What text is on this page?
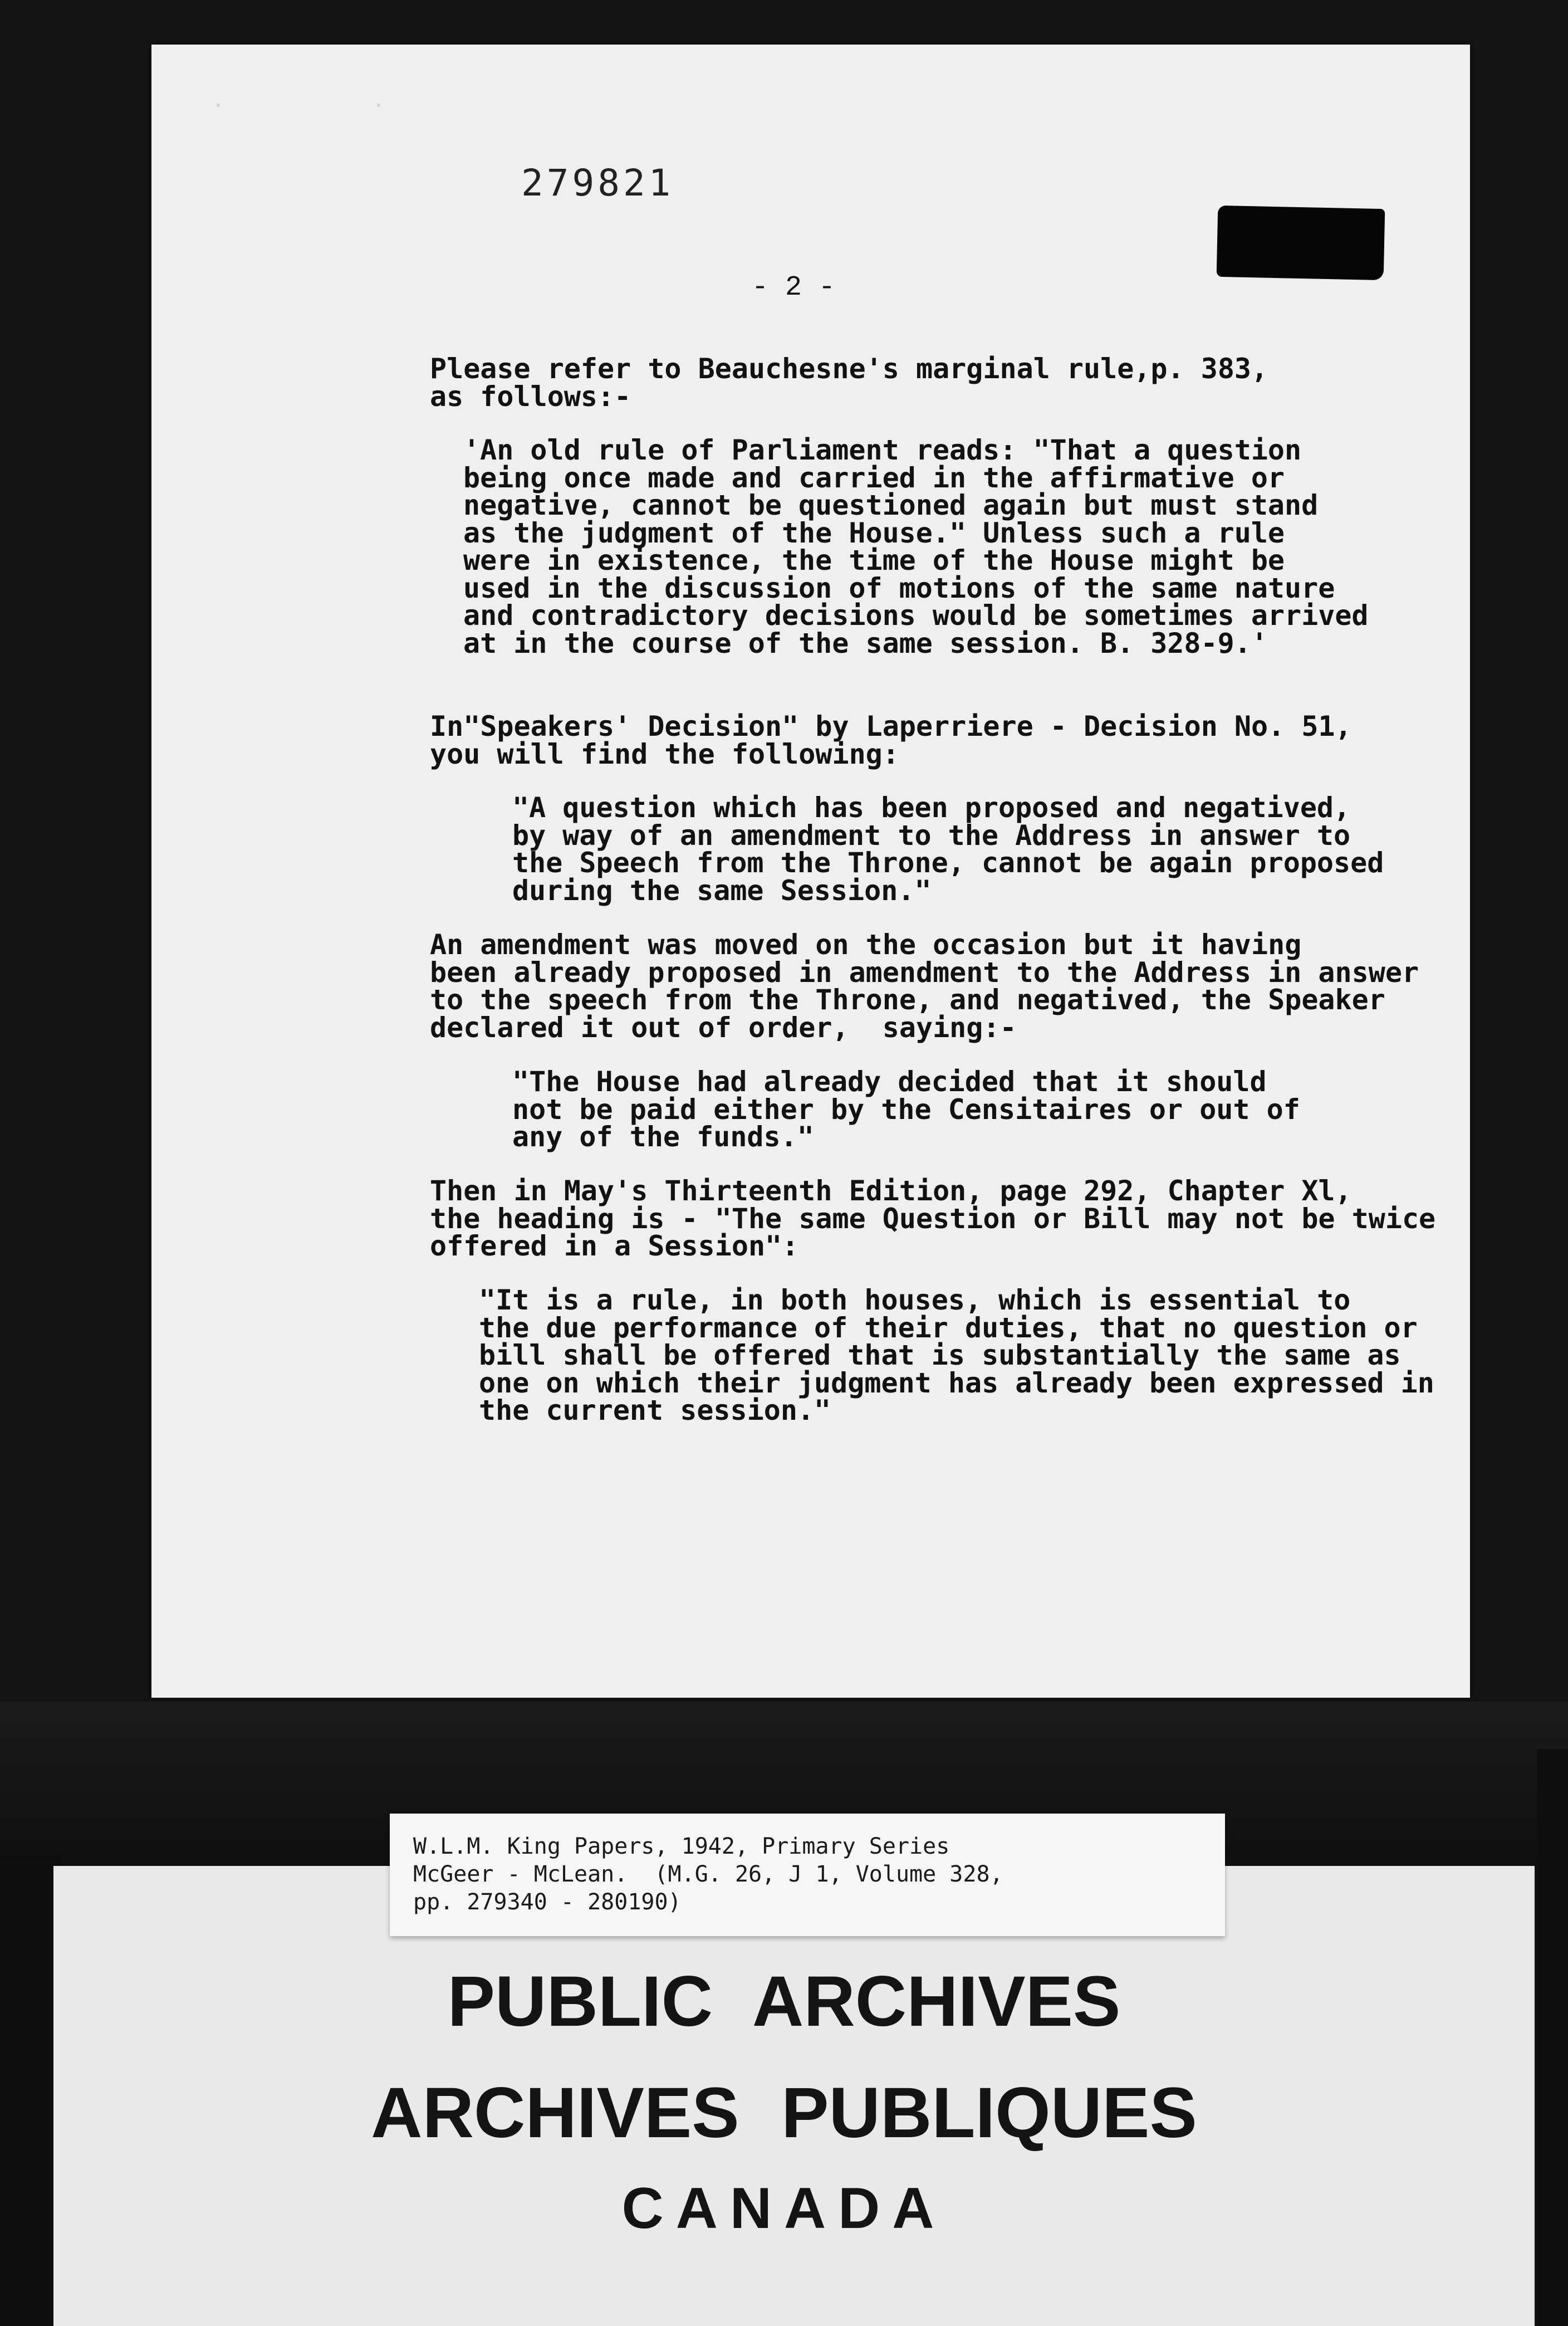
· ·
279821
- 2 -
Please refer to Beauchesne's marginal rule,p. 383,
as follows:-
'An old rule of Parliament reads: "That a question
being once made and carried in the affirmative or
negative, cannot be questioned again but must stand
as the judgment of the House." Unless such a rule
were in existence, the time of the House might be
used in the discussion of motions of the same nature
and contradictory decisions would be sometimes arrived
at in the course of the same session. B. 328-9.'
In"Speakers' Decision" by Laperriere - Decision No. 51,
you will find the following:
"A question which has been proposed and negatived,
by way of an amendment to the Address in answer to
the Speech from the Throne, cannot be again proposed
during the same Session."
An amendment was moved on the occasion but it having
been already proposed in amendment to the Address in answer
to the speech from the Throne, and negatived, the Speaker
declared it out of order,  saying:-
"The House had already decided that it should
not be paid either by the Censitaires or out of
any of the funds."
Then in May's Thirteenth Edition, page 292, Chapter Xl,
the heading is - "The same Question or Bill may not be twice
offered in a Session":
"It is a rule, in both houses, which is essential to
the due performance of their duties, that no question or
bill shall be offered that is substantially the same as
one on which their judgment has already been expressed in
the current session."
W.L.M. King Papers, 1942, Primary Series
McGeer - McLean.  (M.G. 26, J 1, Volume 328,
pp. 279340 - 280190)

PUBLIC ARCHIVES

ARCHIVES PUBLIQUES

CANADA
